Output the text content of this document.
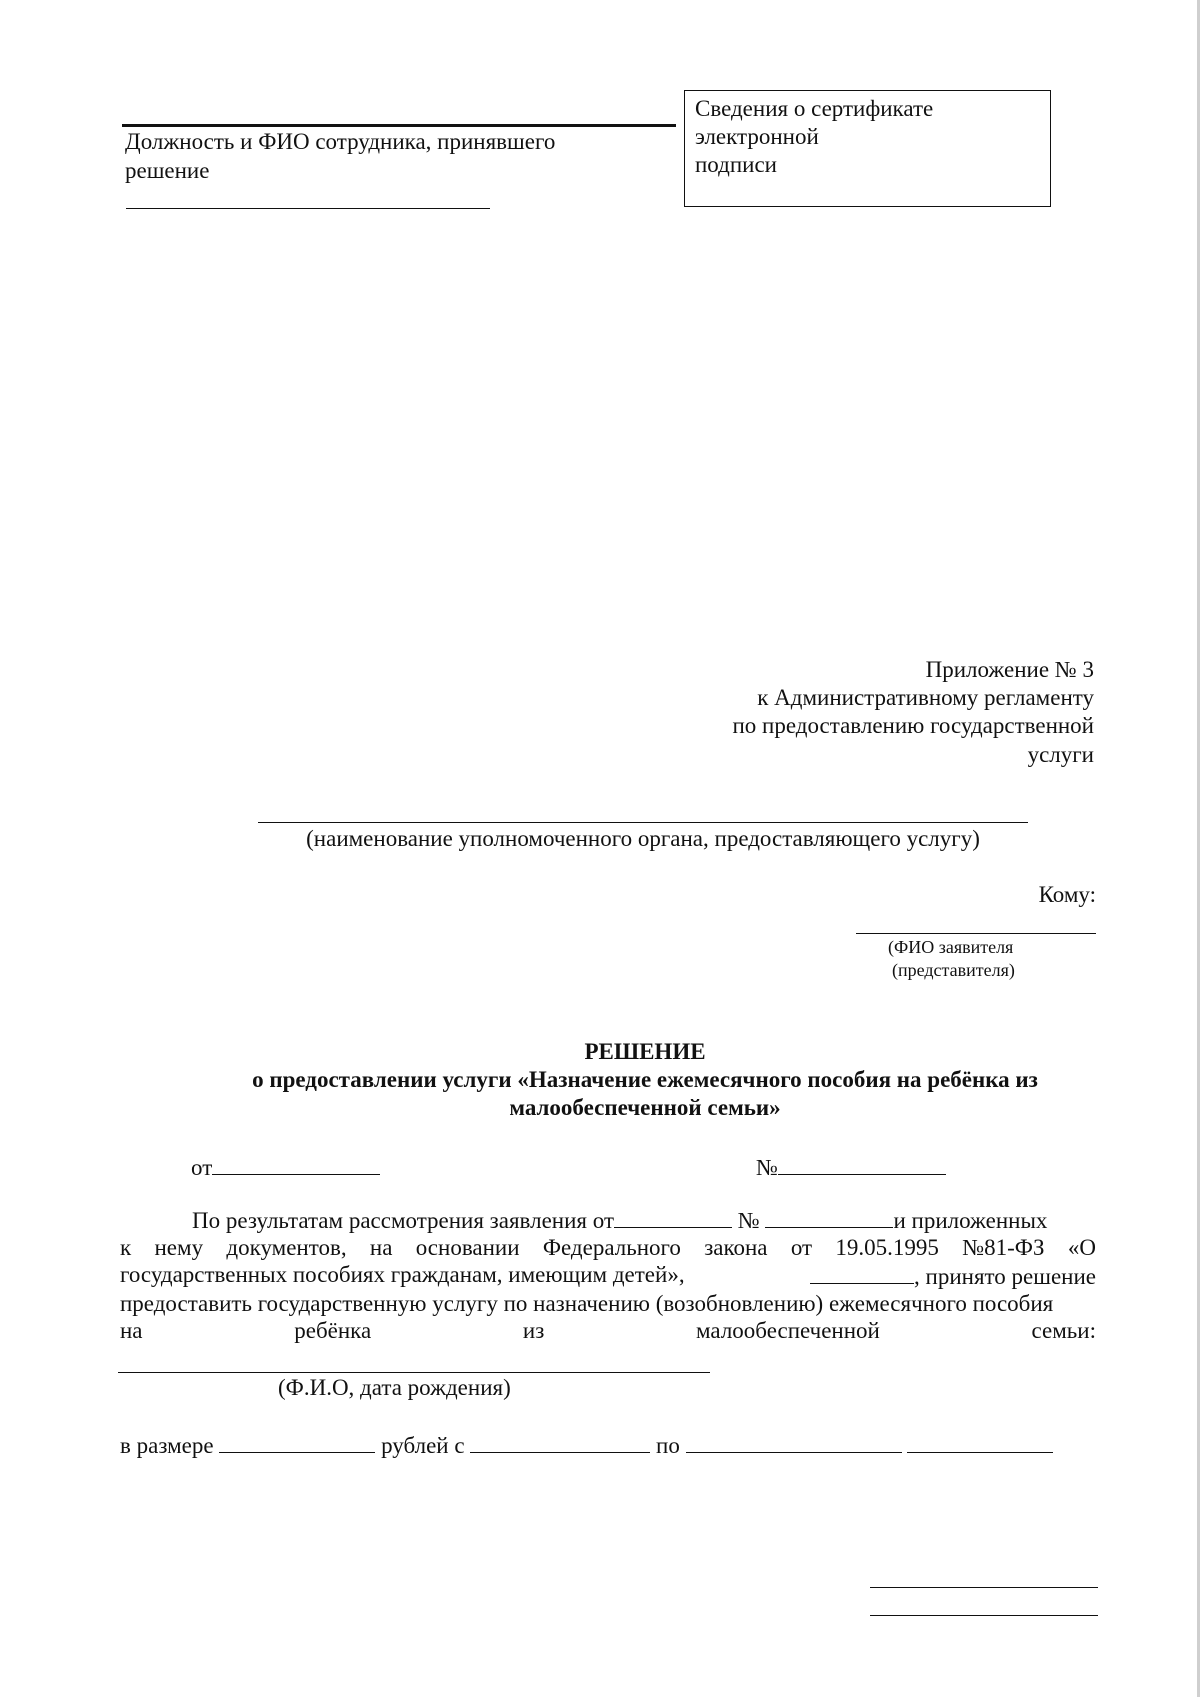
Должность и ФИО сотрудника, принявшего
решение
Сведения о сертификате
электронной
подписи
Приложение № 3
к Административному регламенту
по предоставлению государственной
услуги
(наименование уполномоченного органа, предоставляющего услугу)
Кому:
(ФИО заявителя
(представителя)
РЕШЕНИЕ
о предоставлении услуги «Назначение ежемесячного пособия на ребёнка из
малообеспеченной семьи»
от	№
По результатам рассмотрения заявления от	№	и приложенных
к нему документов, на основании Федерального закона от 19.05.1995 №81-ФЗ «О
государственных пособиях гражданам, имеющим детей»,	, принято решение
предоставить государственную услугу по назначению (возобновлению) ежемесячного пособия
на	ребёнка	из	малообеспеченной	семьи:
(Ф.И.О, дата рождения)
в размере	рублей с	по
